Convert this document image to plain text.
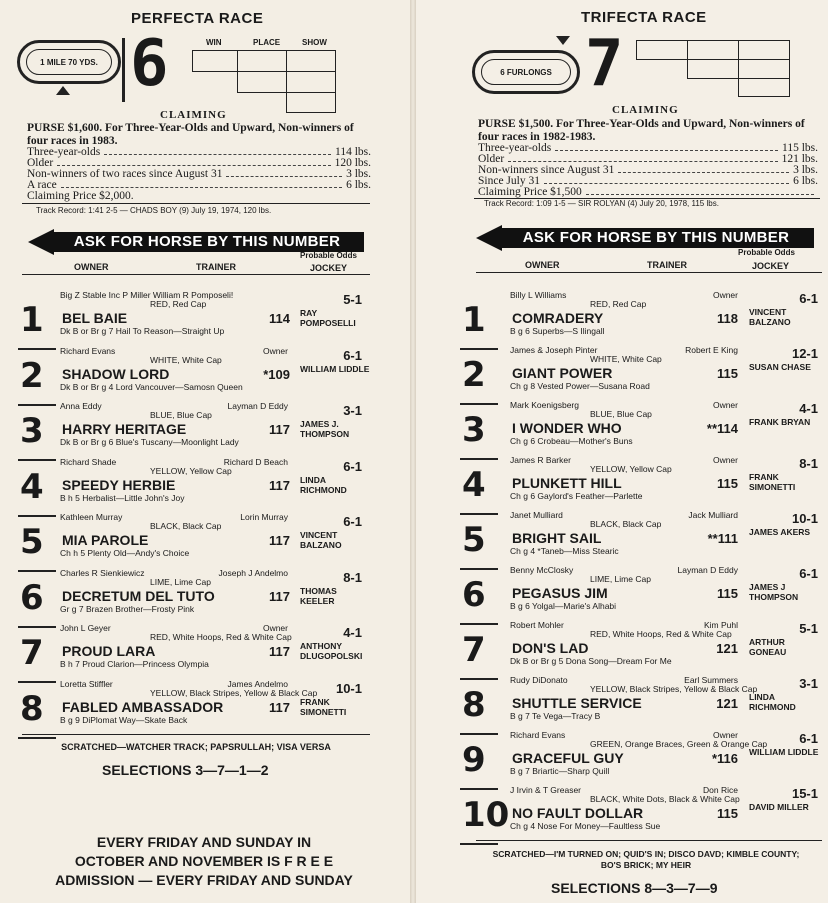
PERFECTA RACE
1 MILE 70 YDS. 6	WIN	PLACE	SHOW

CLAIMING
PURSE $1,600. For Three-Year-Olds and Upward, Non-winners of four races in 1983.
Three-year-olds	114 lbs.
Older	120 lbs.
Non-winners of two races since August 31	3 lbs.
A race	6 lbs.
Claiming Price $2,000.
Track Record: 1:41 2-5 — CHADS BOY (9) July 19, 1974, 120 lbs.
ASK FOR HORSE BY THIS NUMBER
OWNER	TRAINER
Probable Odds
JOCKEY
Big Z Stable Inc P Miller William R Pomposeli!
RED, Red Cap
1 BEL BAIE	114
Dk B or Br g 7 Hail To Reason—Straight Up
5-1
RAY POMPOSELLI
Richard Evans	Owner
WHITE, White Cap
2 SHADOW LORD	*109
Dk B or Br g 4 Lord Vancouver—Samosn Queen
6-1
WILLIAM LIDDLE
Anna Eddy	Layman D Eddy
BLUE, Blue Cap
3 HARRY HERITAGE	117
Dk B or Br g 6 Blue's Tuscany—Moonlight Lady
3-1
JAMES J. THOMPSON
Richard Shade	Richard D Beach
YELLOW, Yellow Cap
4 SPEEDY HERBIE	117
B h 5 Herbalist—Little John's Joy
6-1
LINDA RICHMOND
Kathleen Murray	Lorin Murray
BLACK, Black Cap
5 MIA PAROLE	117
Ch h 5 Plenty Old—Andy's Choice
6-1
VINCENT BALZANO
Charles R Sienkiewicz	Joseph J Andelmo
LIME, Lime Cap
6 DECRETUM DEL TUTO	117
Gr g 7 Brazen Brother—Frosty Pink
8-1
THOMAS KEELER
John L Geyer	Owner
RED, White Hoops, Red & White Cap
7 PROUD LARA	117
B h 7 Proud Clarion—Princess Olympia
4-1
ANTHONY DLUGOPOLSKI
Loretta Stiffler	James Andelmo
YELLOW, Black Stripes, Yellow & Black Cap
8 FABLED AMBASSADOR	117
B g 9 DiPlomat Way—Skate Back
10-1
FRANK SIMONETTI
SCRATCHED—WATCHER TRACK; PAPSRULLAH; VISA VERSA
SELECTIONS 3—7—1—2
EVERY FRIDAY AND SUNDAY IN
OCTOBER AND NOVEMBER IS F R E E
ADMISSION — EVERY FRIDAY AND SUNDAY
TRIFECTA RACE
6 FURLONGS 7

CLAIMING
PURSE $1,500. For Three-Year-Olds and Upward, Non-winners of four races in 1982-1983.
Three-year-olds	115 lbs.
Older	121 lbs.
Non-winners since August 31	3 lbs.
Since July 31	6 lbs.
Claiming Price $1,500
Track Record: 1:09 1-5 — SIR ROLYAN (4) July 20, 1978, 115 lbs.
ASK FOR HORSE BY THIS NUMBER
OWNER	TRAINER
Probable Odds
JOCKEY
Billy L Williams	Owner
RED, Red Cap
1 COMRADERY	118
B g 6 Superbs—S Ilingall
6-1
VINCENT BALZANO
James & Joseph Pinter	Robert E King
WHITE, White Cap
2 GIANT POWER	115
Ch g 8 Vested Power—Susana Road
12-1
SUSAN CHASE
Mark Koenigsberg	Owner
BLUE, Blue Cap
3 I WONDER WHO	**114
Ch g 6 Crobeau—Mother's Buns
4-1
FRANK BRYAN
James R Barker	Owner
YELLOW, Yellow Cap
4 PLUNKETT HILL	115
Ch g 6 Gaylord's Feather—Parlette
8-1
FRANK SIMONETTI
Janet Mulliard	Jack Mulliard
BLACK, Black Cap
5 BRIGHT SAIL	**111
Ch g 4 *Taneb—Miss Stearic
10-1
JAMES AKERS
Benny McClosky	Layman D Eddy
LIME, Lime Cap
6 PEGASUS JIM	115
B g 6 Yolgal—Marie's Alhabi
6-1
JAMES J THOMPSON
Robert Mohler	Kim Puhl
RED, White Hoops, Red & White Cap
7 DON'S LAD	121
Dk B or Br g 5 Dona Song—Dream For Me
5-1
ARTHUR GONEAU
Rudy DiDonato	Earl Summers
YELLOW, Black Stripes, Yellow & Black Cap
8 SHUTTLE SERVICE	121
B g 7 Te Vega—Tracy B
3-1
LINDA RICHMOND
Richard Evans	Owner
GREEN, Orange Braces, Green & Orange Cap
9 GRACEFUL GUY	*116
B g 7 Briartic—Sharp Quill
6-1
WILLIAM LIDDLE
J Irvin & T Greaser	Don Rice
BLACK, White Dots, Black & White Cap
10 NO FAULT DOLLAR	115
Ch g 4 Nose For Money—Faultless Sue
15-1
DAVID MILLER
SCRATCHED—I'M TURNED ON; QUID'S IN; DISCO DAVD; KIMBLE COUNTY; BO'S BRICK; MY HEIR
SELECTIONS 8—3—7—9
